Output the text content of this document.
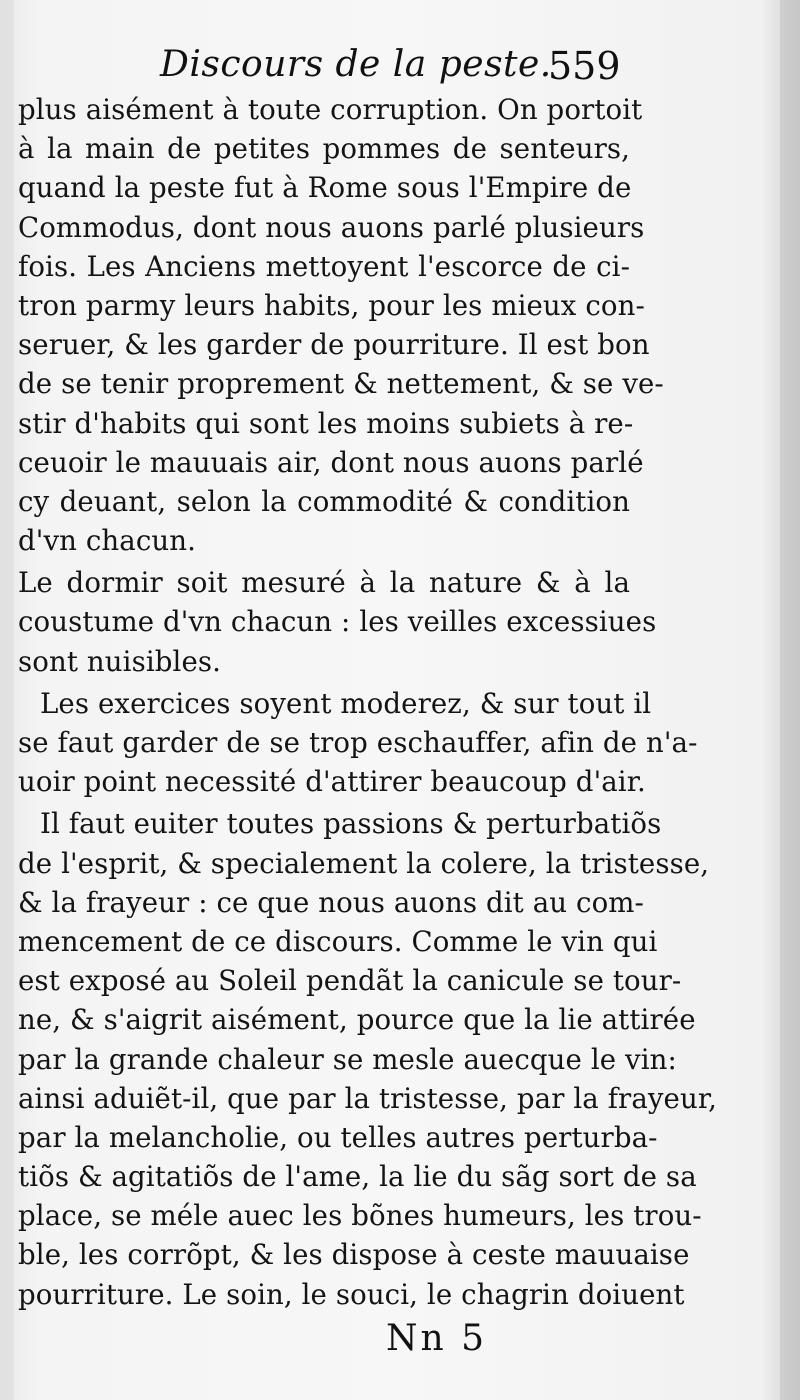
Discours de la peste.
559
plus aisément à toute corruption. On portoit
à la main de petites pommes de senteurs,
quand la peste fut à Rome sous l'Empire de
Commodus, dont nous auons parlé plusieurs
fois. Les Anciens mettoyent l'escorce de ci-
tron parmy leurs habits, pour les mieux con-
seruer, & les garder de pourriture. Il est bon
de se tenir proprement & nettement, & se ve-
stir d'habits qui sont les moins subiets à re-
ceuoir le mauuais air, dont nous auons parlé
cy deuant, selon la commodité & condition
d'vn chacun.
Le dormir soit mesuré à la nature & à la
coustume d'vn chacun : les veilles excessiues
sont nuisibles.
Les exercices soyent moderez, & sur tout il
se faut garder de se trop eschauffer, afin de n'a-
uoir point necessité d'attirer beaucoup d'air.
Il faut euiter toutes passions & perturbatiõs
de l'esprit, & specialement la colere, la tristesse,
& la frayeur : ce que nous auons dit au com-
mencement de ce discours. Comme le vin qui
est exposé au Soleil pendãt la canicule se tour-
ne, & s'aigrit aisément, pource que la lie attirée
par la grande chaleur se mesle auecque le vin:
ainsi aduiẽt-il, que par la tristesse, par la frayeur,
par la melancholie, ou telles autres perturba-
tiõs & agitatiõs de l'ame, la lie du sãg sort de sa
place, se méle auec les bõnes humeurs, les trou-
ble, les corrõpt, & les dispose à ceste mauuaise
pourriture. Le soin, le souci, le chagrin doiuent
Nn 5
